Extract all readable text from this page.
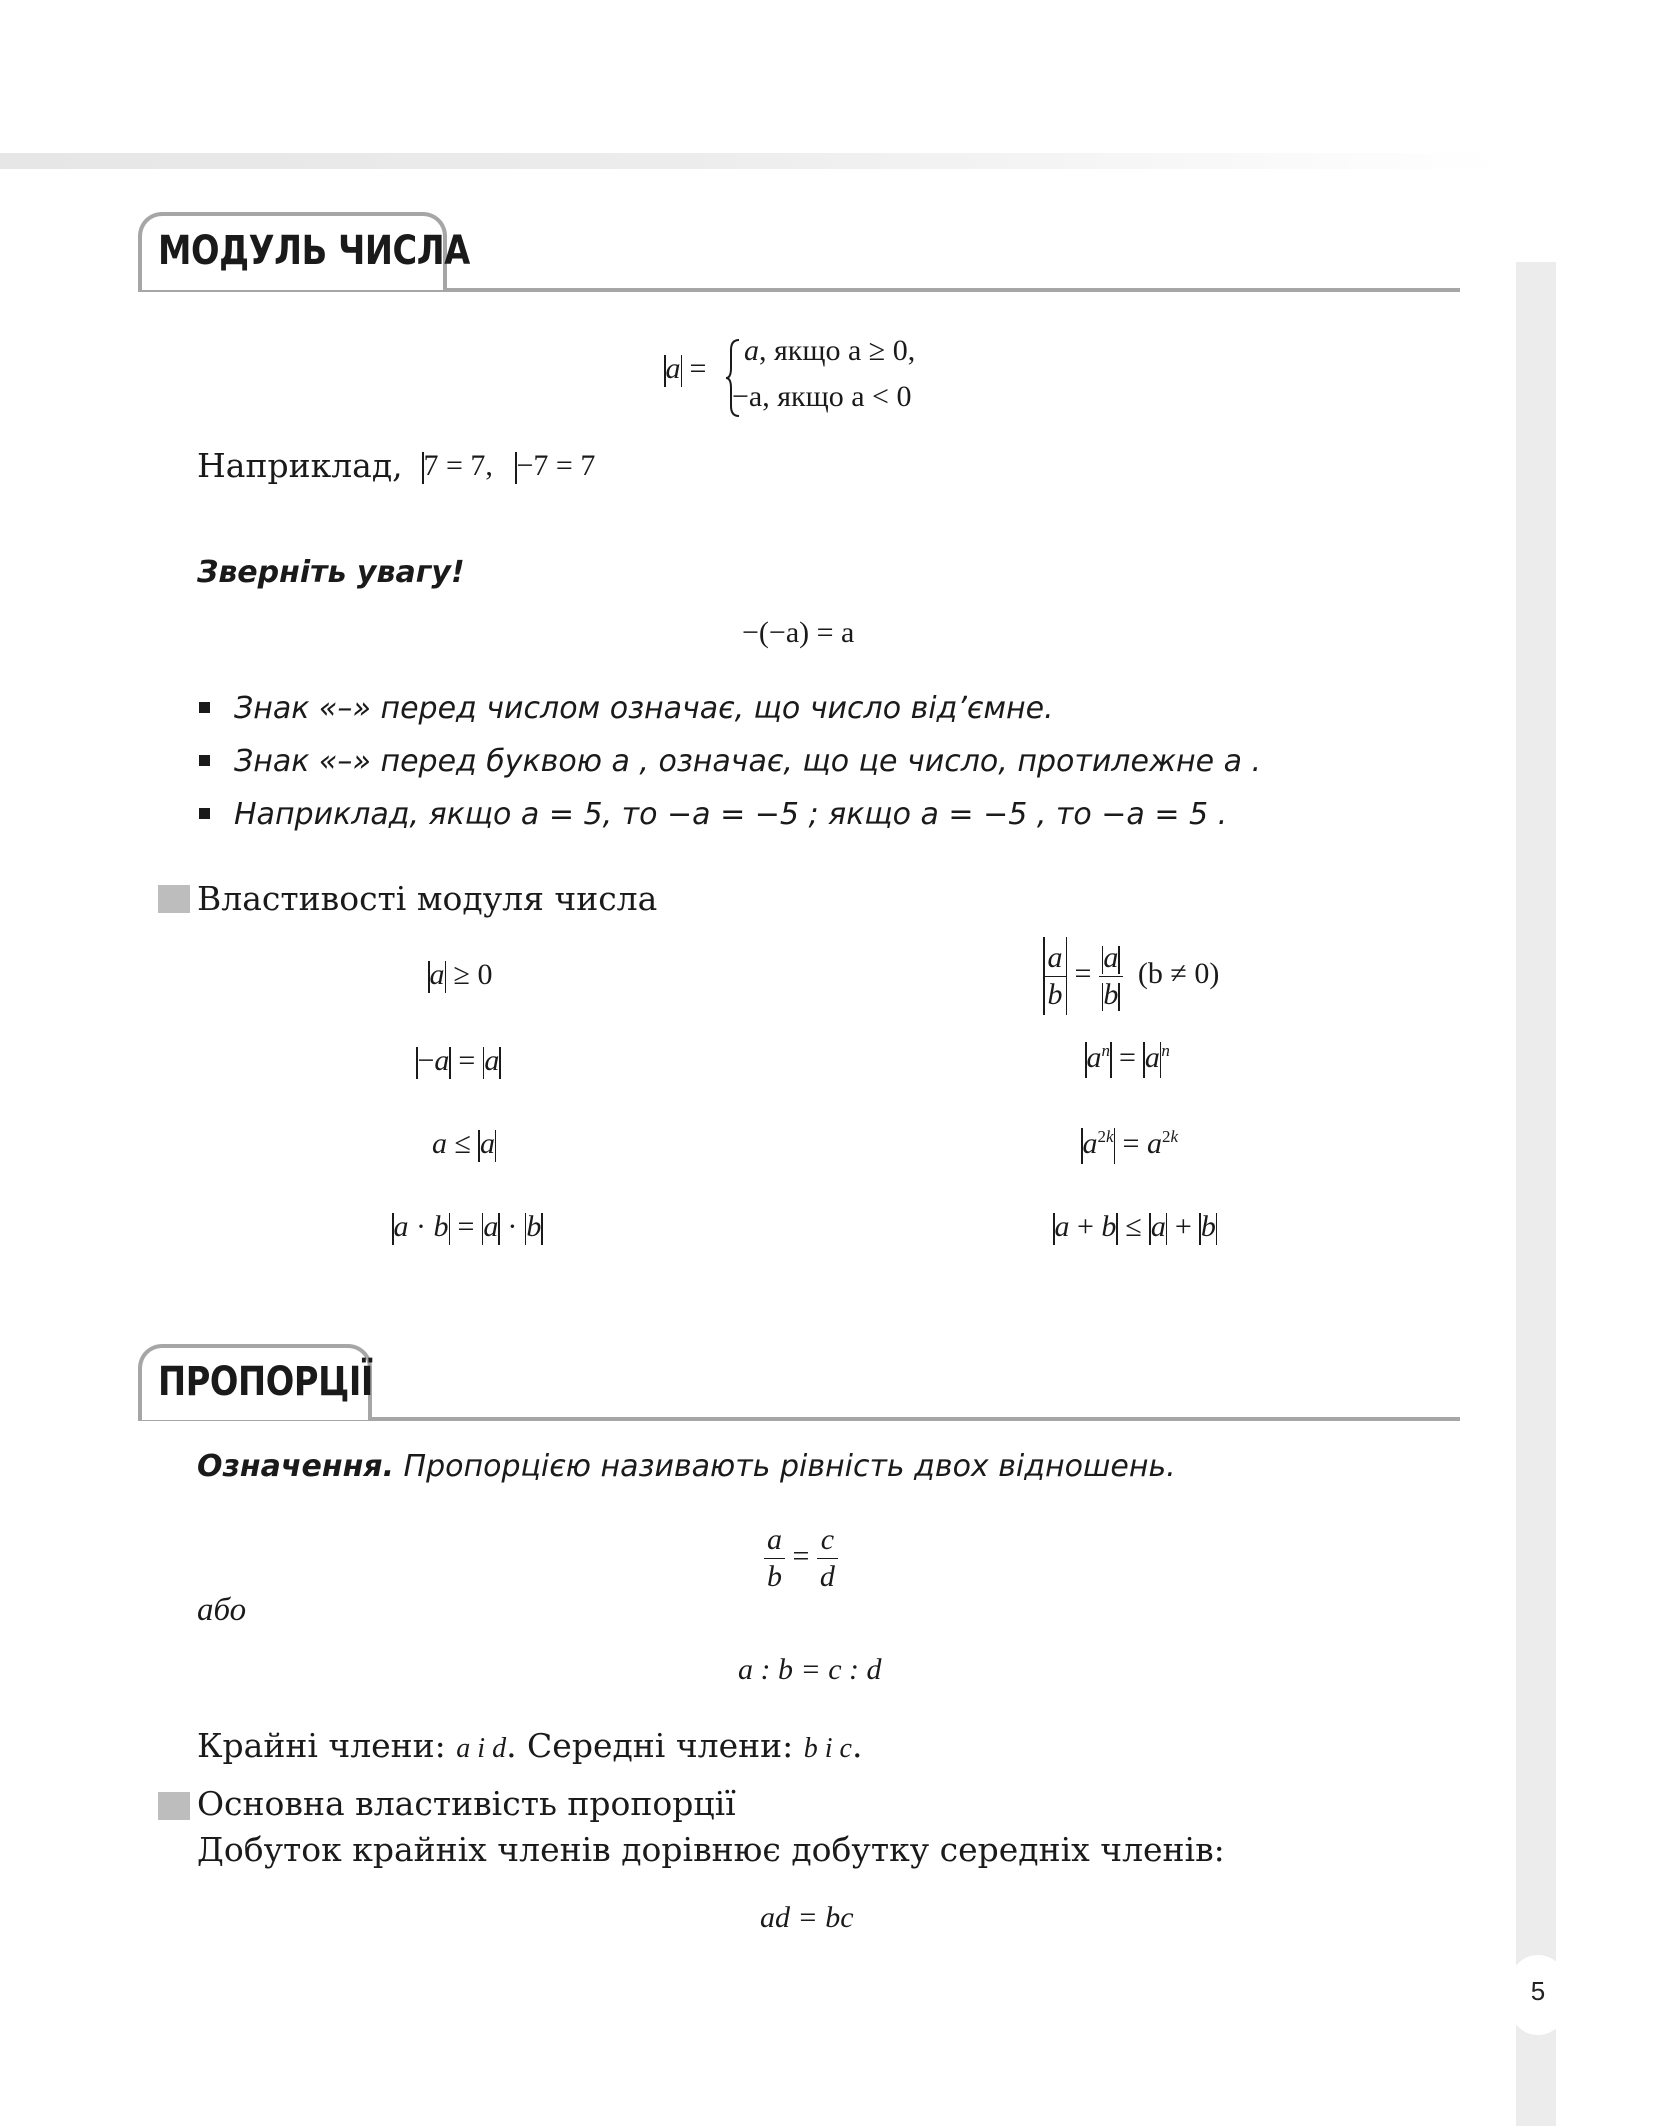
5
МОДУЛЬ ЧИСЛА
a =
a, якщо a ≥ 0,
−a, якщо a < 0
Наприклад, 7 = 7, −7 = 7
Зверніть увагу!
−(−a) = a
Знак «–» перед числом означає, що число від’ємне.
Знак «–» перед буквою a , означає, що це число, протилежне a .
Наприклад, якщо a = 5, то −a = −5 ; якщо a = −5 , то −a = 5 .
Властивості модуля числа
a ≥ 0
−a = a
a ≤ a
a · b = a · b
$\frac{a}{b} = \frac{a}{b} (b \ne 0)$
$a^n = a^n$
$a^{2k} = a^{2k}$
a + b ≤ a + b
ПРОПОРЦІЇ
Означення. Пропорцією називають рівність двох відношень.
$\frac{a}{b} = \frac{c}{d}$
або
a : b = c : d
Крайні члени: a і d. Середні члени: b і c.
Основна властивість пропорції
Добуток крайніх членів дорівнює добутку середніх членів:
ad = bc
